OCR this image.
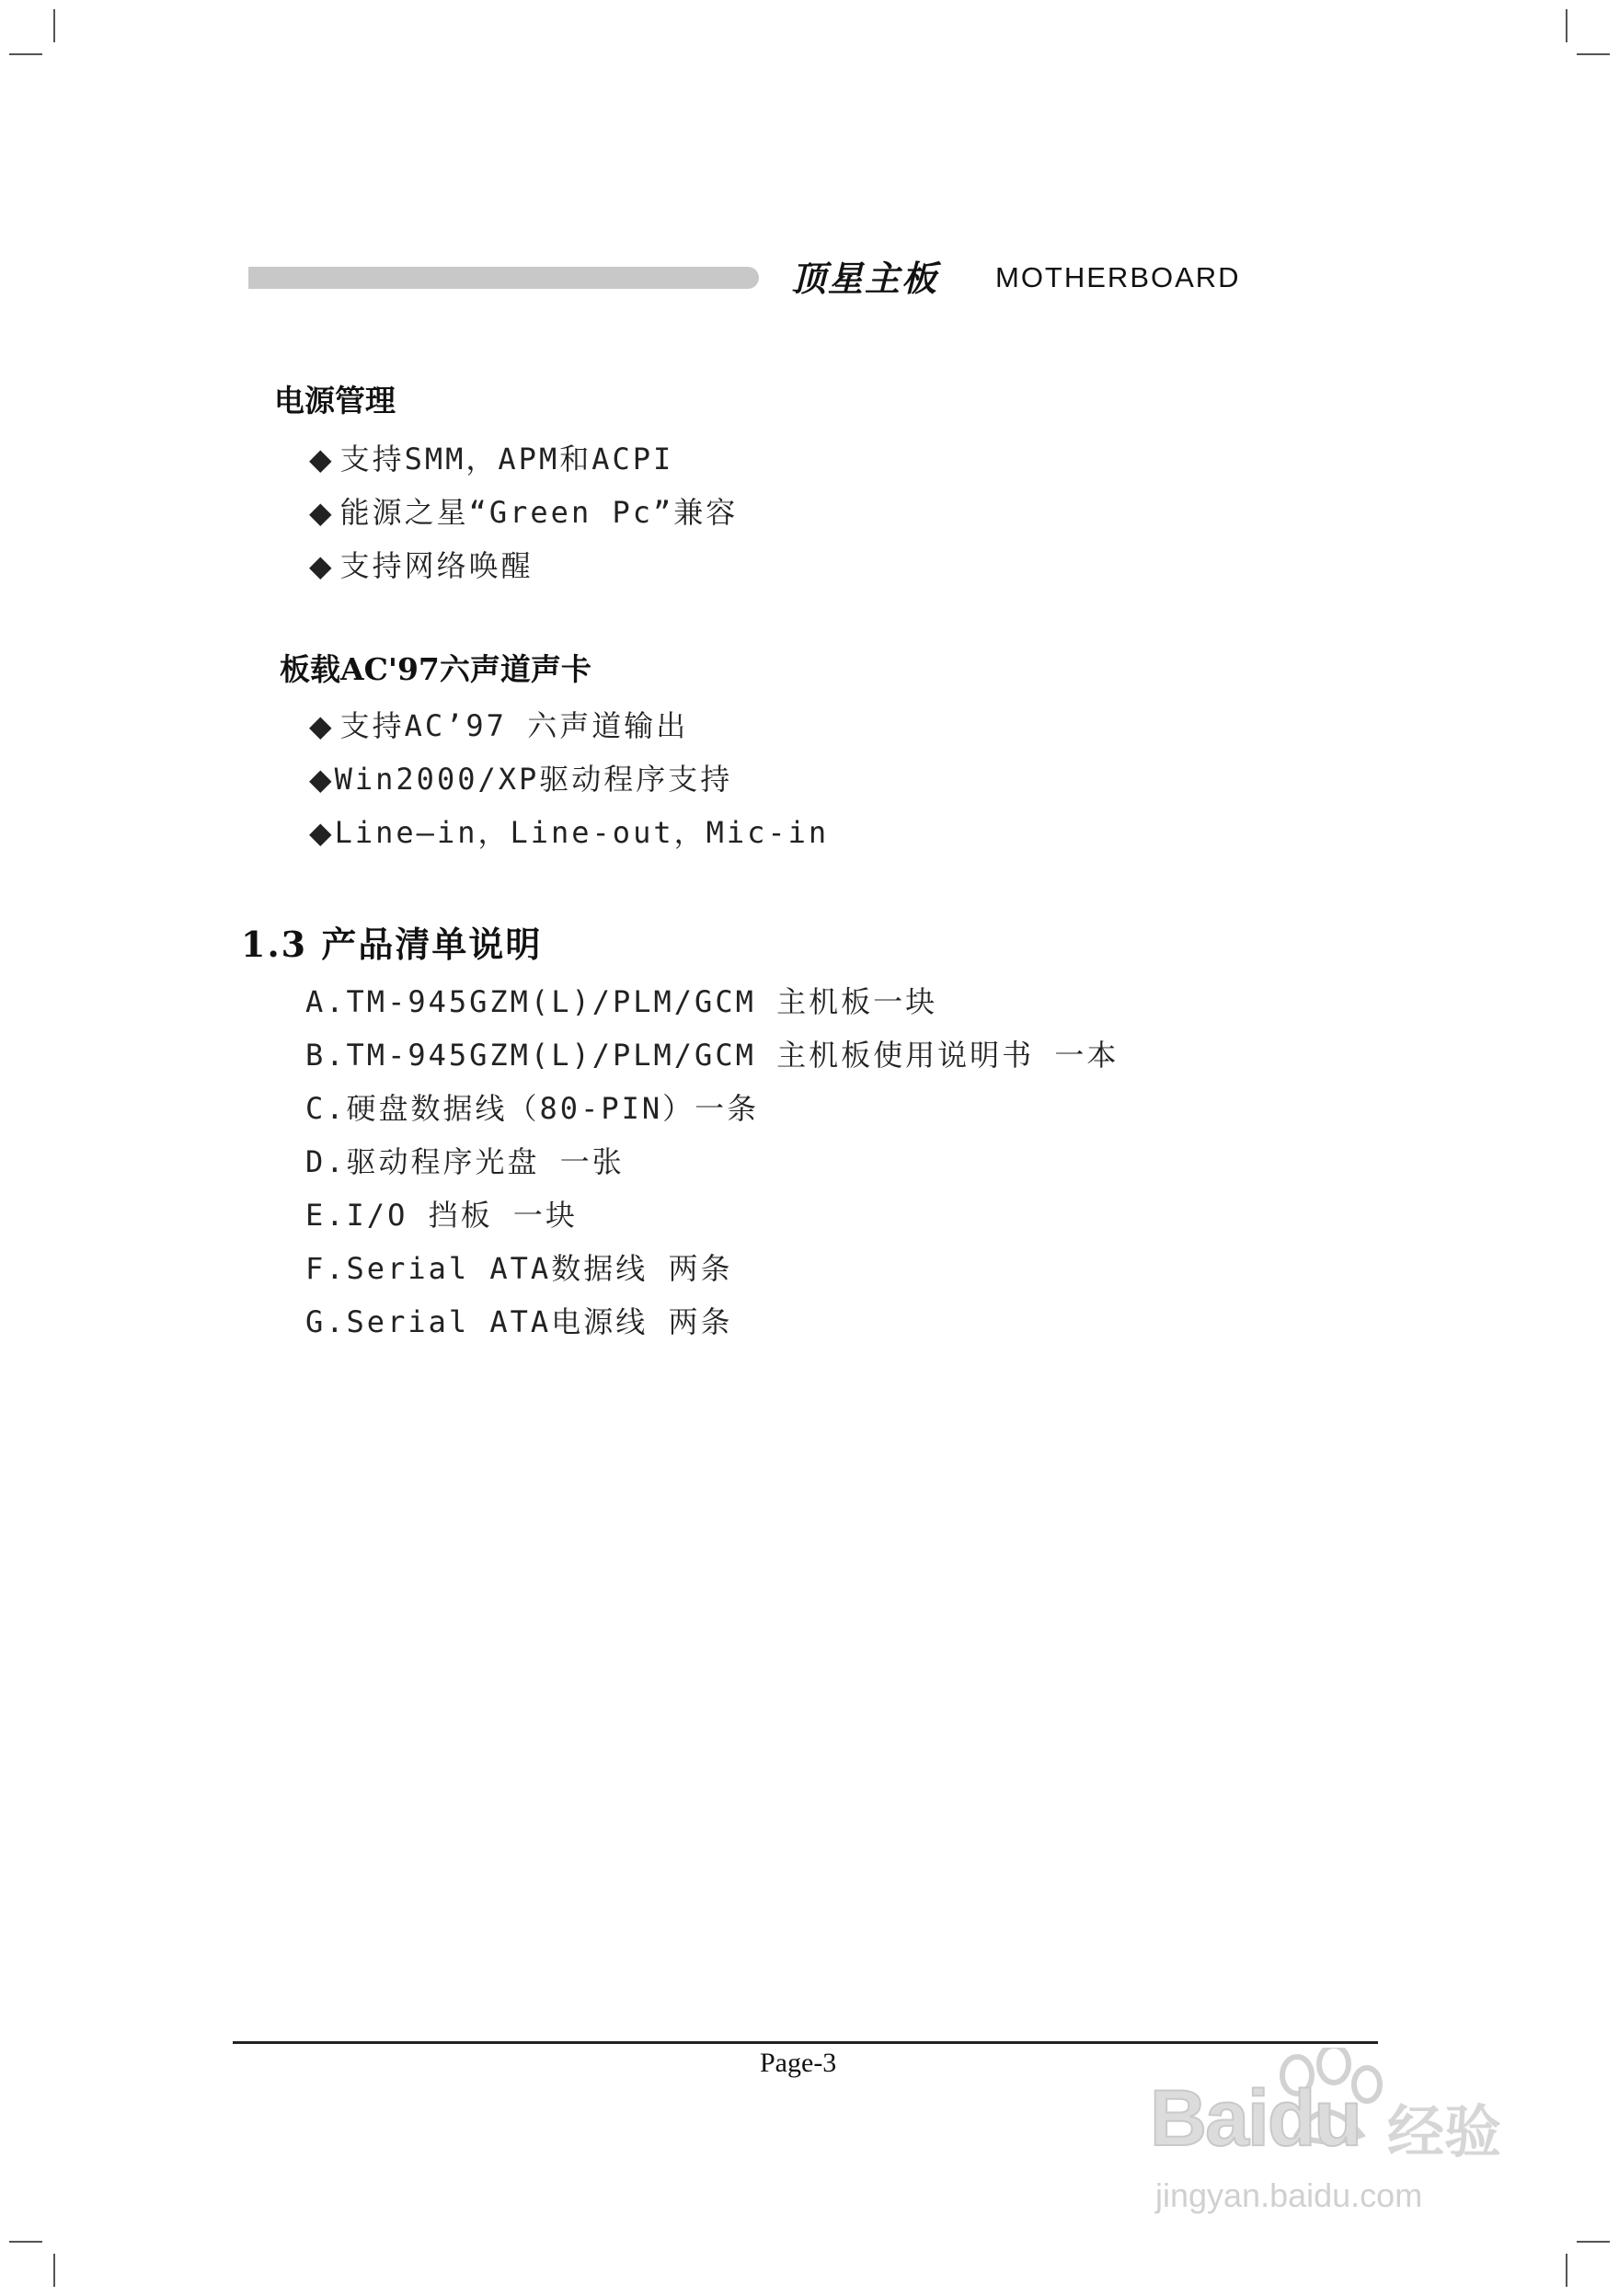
顶星主板 MOTHERBOARD
电源管理
◆ 支持SMM，APM和ACPI
◆ 能源之星“Green Pc”兼容
◆ 支持网络唤醒
板载AC'97六声道声卡
◆ 支持AC’97 六声道输出
◆Win2000/XP驱动程序支持
◆Line—in，Line-out，Mic-in
1.3 产品清单说明
A.TM-945GZM(L)/PLM/GCM 主机板一块
B.TM-945GZM(L)/PLM/GCM 主机板使用说明书 一本
C.硬盘数据线（80-PIN）一条
D.驱动程序光盘 一张
E.I/O 挡板 一块
F.Serial ATA数据线 两条
G.Serial ATA电源线 两条
Page-3
Baidu 经验
jingyan.baidu.com
